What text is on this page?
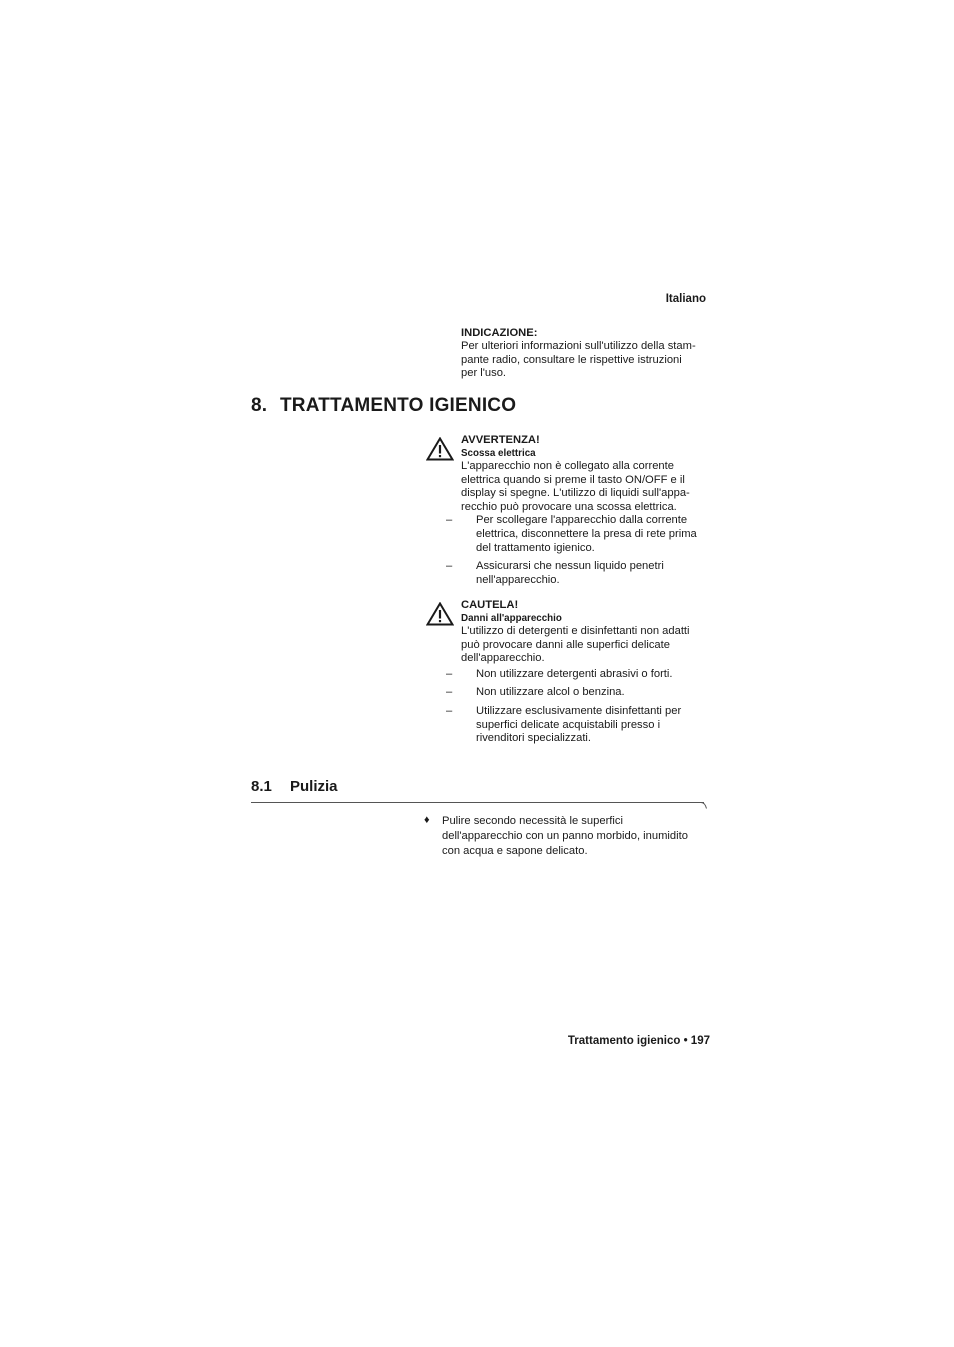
Italiano
INDICAZIONE:
Per ulteriori informazioni sull'utilizzo della stam-
pante radio, consultare le rispettive istruzioni
per l'uso.
8. TRATTAMENTO IGIENICO
AVVERTENZA!
Scossa elettrica
L'apparecchio non è collegato alla corrente
elettrica quando si preme il tasto ON/OFF e il
display si spegne. L'utilizzo di liquidi sull'appa-
recchio può provocare una scossa elettrica.
– Per scollegare l'apparecchio dalla corrente
elettrica, disconnettere la presa di rete prima
del trattamento igienico.
– Assicurarsi che nessun liquido penetri
nell'apparecchio.
CAUTELA!
Danni all'apparecchio
L'utilizzo di detergenti e disinfettanti non adatti
può provocare danni alle superfici delicate
dell'apparecchio.
– Non utilizzare detergenti abrasivi o forti.
– Non utilizzare alcol o benzina.
– Utilizzare esclusivamente disinfettanti per
superfici delicate acquistabili presso i
rivenditori specializzati.
8.1 Pulizia
♦ Pulire secondo necessità le superfici
dell'apparecchio con un panno morbido, inumidito
con acqua e sapone delicato.
Trattamento igienico • 197
